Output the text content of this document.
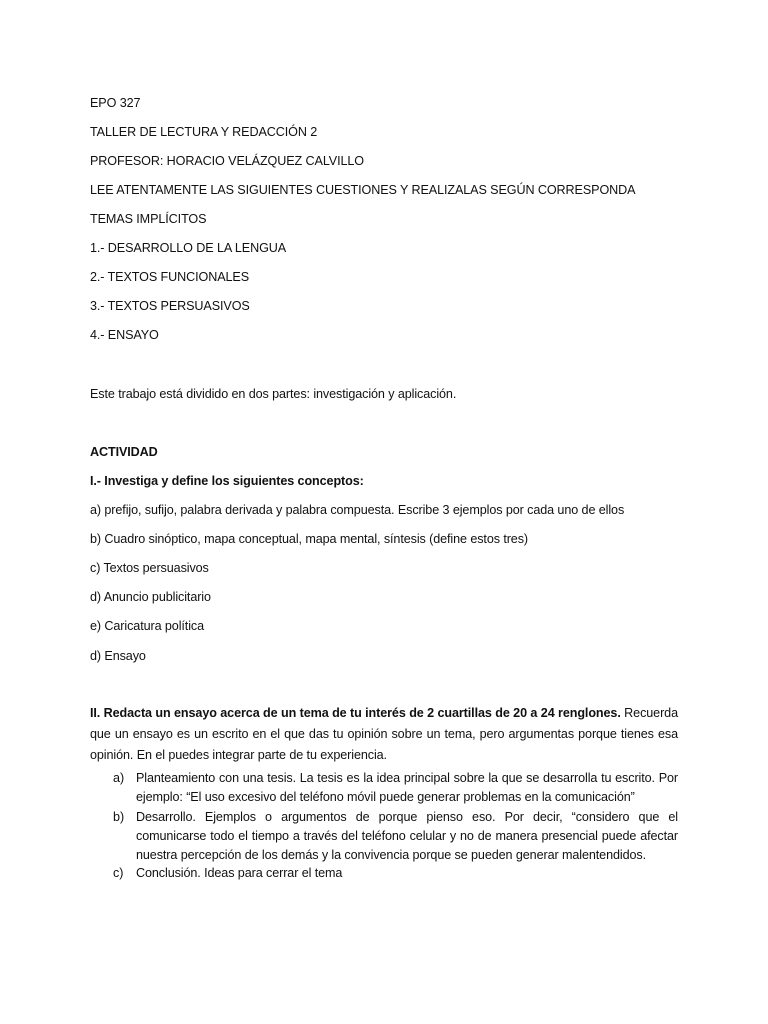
EPO 327
TALLER DE LECTURA Y REDACCIÓN 2
PROFESOR: HORACIO VELÁZQUEZ CALVILLO
LEE ATENTAMENTE LAS SIGUIENTES CUESTIONES Y REALIZALAS SEGÚN CORRESPONDA
TEMAS IMPLÍCITOS
1.- DESARROLLO DE LA LENGUA
2.- TEXTOS FUNCIONALES
3.- TEXTOS PERSUASIVOS
4.- ENSAYO
Este trabajo está dividido en dos partes: investigación y aplicación.
ACTIVIDAD
I.- Investiga y define los siguientes conceptos:
a) prefijo, sufijo, palabra derivada y palabra compuesta. Escribe 3 ejemplos por cada uno de ellos
b) Cuadro sinóptico, mapa conceptual, mapa mental, síntesis (define estos tres)
c) Textos persuasivos
d) Anuncio publicitario
e) Caricatura política
d) Ensayo
II. Redacta un ensayo acerca de un tema de tu interés de 2 cuartillas de 20 a 24 renglones. Recuerda que un ensayo es un escrito en el que das tu opinión sobre un tema, pero argumentas porque tienes esa opinión. En el puedes integrar parte de tu experiencia.
a) Planteamiento con una tesis. La tesis es la idea principal sobre la que se desarrolla tu escrito. Por ejemplo: “El uso excesivo del teléfono móvil puede generar problemas en la comunicación”
b) Desarrollo. Ejemplos o argumentos de porque pienso eso. Por decir, “considero que el comunicarse todo el tiempo a través del teléfono celular y no de manera presencial puede afectar nuestra percepción de los demás y la convivencia porque se pueden generar malentendidos.
c) Conclusión. Ideas para cerrar el tema
